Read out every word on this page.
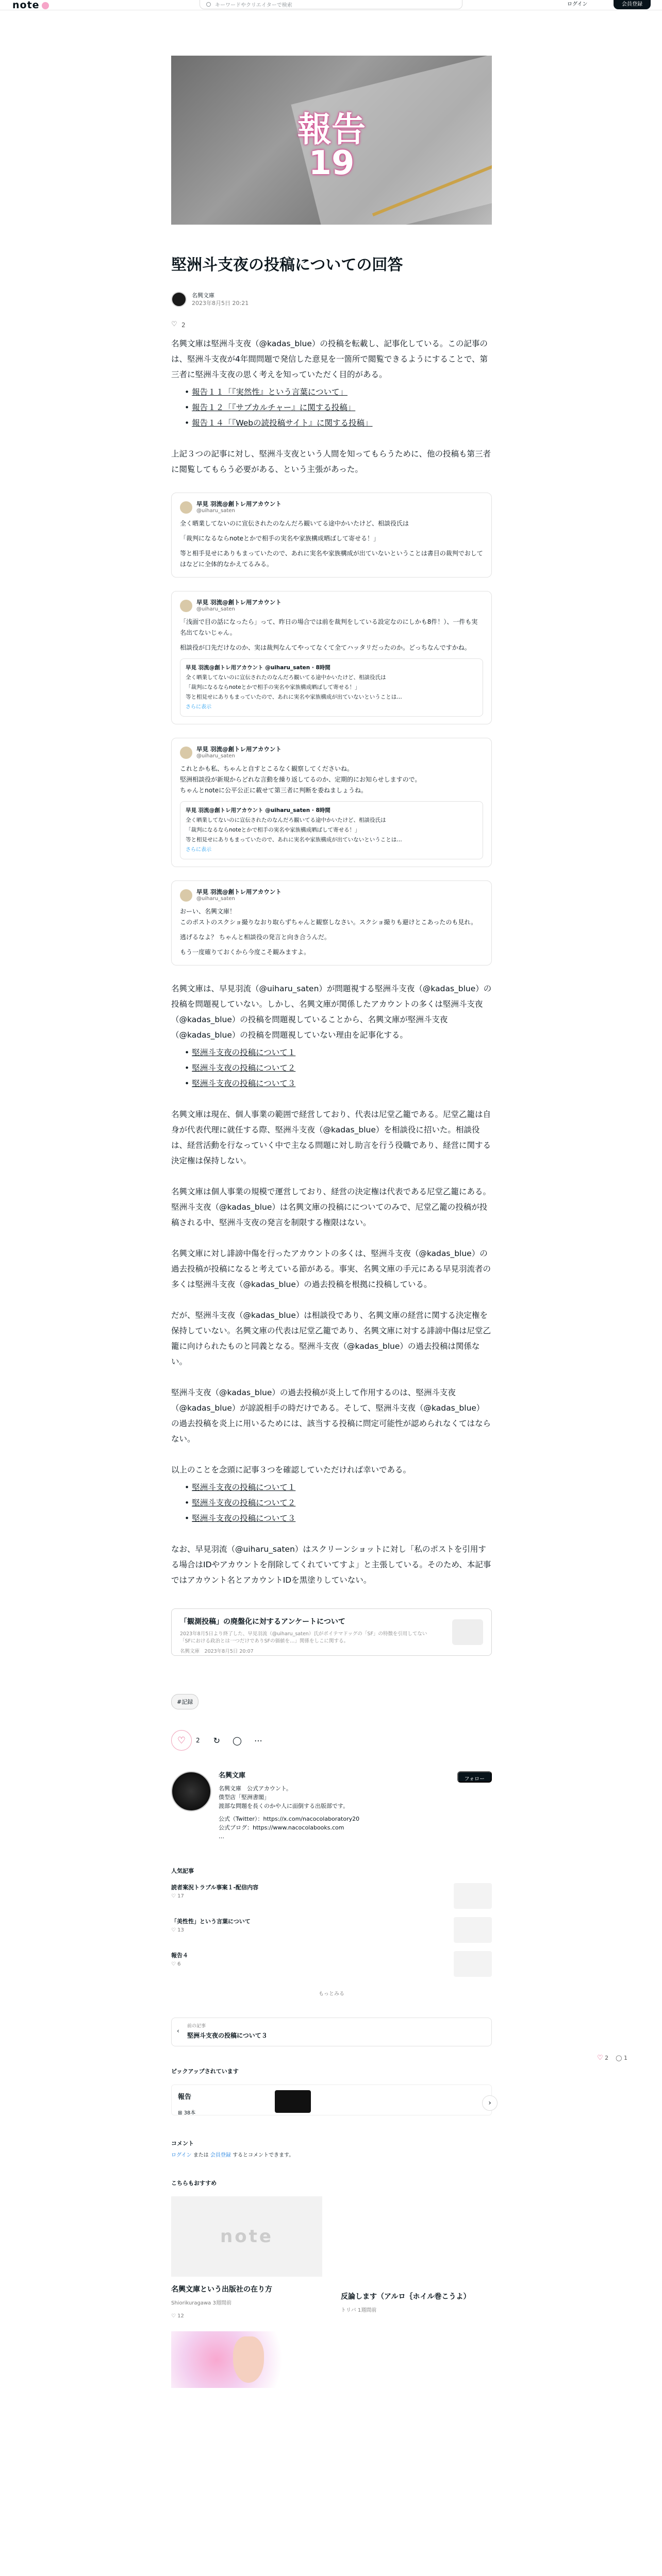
note	キーワードやクリエイターで検索	ログイン	会員登録
報告
19
堅洲斗支夜の投稿についての回答
名興文庫
2023年8月5日 20:21
♡
2

名興文庫は堅洲斗支夜（@kadas_blue）の投稿を転載し、記事化している。この記事のは、堅洲斗支夜が4年間問題で発信した意見を一箇所で閲覧できるようにすることで、第三者に堅洲斗支夜の思く考えを知っていただく目的がある。

• 報告１１「『実然性』という言葉について」
• 報告１２「『サブカルチャー』に関する投稿」
• 報告１４「『Webの読投稿サイト』に関する投稿」

上記３つの記事に対し、堅洲斗支夜という人間を知ってもらうために、他の投稿も第三者に閲覧してもらう必要がある、という主張があった。

早見 羽流@創トレ用アカウント
@uiharu_saten
全く晒業してないのに宣伝されたのなんだろ観いてる途中かいたけど、相談役氏は
「裁判になるならnoteとかで相手の実名や家族構成晒ばして寄せる！」
等と相手見せにありもまっていたので、あれに実名や家族構成が出ていないということは書目の裁判でおしてはなどに全体的なかえてるみる。
早見 羽流@創トレ用アカウント
@uiharu_saten
「浅面で目の話になったら」って、昨日の場合では前を裁判をしている設定なのにしかも8件！）、一件も実名出てないじゃん。
相談役が口先だけなのか、実は裁判なんてやってなくて全てハッタリだったのか。どっちなんですかね。
早見 羽流@創トレ用アカウント @uiharu_saten · 8時間
全く晒業してないのに宣伝されたのなんだろ観いてる途中かいたけど、相談役氏は
「裁判になるならnoteとかで相手の実名や家族構成晒ばして寄せる！」
等と相見せにありもまっていたので、あれに実名や家族構成が出ていないということは…
さらに表示
早見 羽流@創トレ用アカウント
@uiharu_saten
これとかも私、ちゃんと自すとこるなく観察してくださいね。
堅洲相談役が新規からどれな言動を繰り返してるのか、定期的にお知らせしますので。
ちゃんとnoteに公平公正に載せて第三者に判断を委ねましょうね。
早見 羽流@創トレ用アカウント @uiharu_saten · 8時間
全く晒業してないのに宣伝されたのなんだろ観いてる途中かいたけど、相談役氏は
「裁判になるならnoteとかで相手の実名や家族構成晒ばして寄せる！」
等と相見せにありもまっていたので、あれに実名や家族構成が出ていないということは…
さらに表示
早見 羽流@創トレ用アカウント
@uiharu_saten
おーい、名興文庫！
このポストのスクショ撮りなおり取らずちゃんと観察しなさい。スクショ撮りも避けとこあったのも見れ。
逃げるなよ？ ちゃんと相談役の発言と向き合うんだ。
もう一度確りておくから今度こそ観みますよ。

名興文庫は、早見羽流（@uiharu_saten）が問題視する堅洲斗支夜（@kadas_blue）の投稿を問題視していない。しかし、名興文庫が関係したアカウントの多くは堅洲斗支夜（@kadas_blue）の投稿を問題視していることから、名興文庫が堅洲斗支夜（@kadas_blue）の投稿を問題視していない理由を記事化する。

• 堅洲斗支夜の投稿について１
• 堅洲斗支夜の投稿について２
• 堅洲斗支夜の投稿について３

名興文庫は現在、個人事業の範囲で経営しており、代表は尼堂乙籠である。尼堂乙籠は自身が代表代理に就任する際、堅洲斗支夜（@kadas_blue）を相談役に招いた。相談役は、経営活動を行なっていく中で主なる問題に対し助言を行う役職であり、経営に関する決定権は保持しない。

名興文庫は個人事業の規模で運営しており、経営の決定権は代表である尼堂乙籠にある。堅洲斗支夜（@kadas_blue）は名興文庫の投稿にについてのみで、尼堂乙籠の投稿が投稿される中、堅洲斗支夜の発言を制限する権限はない。

名興文庫に対し誹謗中傷を行ったアカウントの多くは、堅洲斗支夜（@kadas_blue）の過去投稿が投稿になると考えている節がある。事実、名興文庫の手元にある早見羽流者の多くは堅洲斗支夜（@kadas_blue）の過去投稿を根拠に投稿している。

だが、堅洲斗支夜（@kadas_blue）は相談役であり、名興文庫の経営に関する決定権を保持していない。名興文庫の代表は尼堂乙籠であり、名興文庫に対する誹謗中傷は尼堂乙籠に向けられたものと同義となる。堅洲斗支夜（@kadas_blue）の過去投稿は関係ない。

堅洲斗支夜（@kadas_blue）の過去投稿が炎上して作用するのは、堅洲斗支夜（@kadas_blue）が諒説相手の時だけである。そして、堅洲斗支夜（@kadas_blue）の過去投稿を炎上に用いるためには、該当する投稿に問定可能性が認められなくてはならない。

以上のことを念頭に記事３つを確認していただければ幸いである。

• 堅洲斗支夜の投稿について１
• 堅洲斗支夜の投稿について２
• 堅洲斗支夜の投稿について３

なお、早見羽流（@uiharu_saten）はスクリーンショットに対し「私のポストを引用する場合はIDやアカウントを削除してくれていてすよ」と主張している。そのため、本記事ではアカウント名とアカウントIDを黒塗りしていない。

「観測投稿」の廃盤化に対するアンケートについて
2023年8月5日より終了した、早見羽流（@uiharu_saten）氏がポイテマドッグの「SF」の特徴を引用してない「SFにおける政治とは一つだけでありSFの価値を…」関係をしこに関する。
名興文庫　 2023年8月5日 20:07
#記録
♡ 2 ↻ ◯ ⋯
名興文庫
名興文庫　公式アカウント。
僕型店「堅洲書閣」
渡部な問題を長くのかや人に面倒する出版部です。
公式（Twitter）：https://x.com/nacocolaboratory20
公式ブログ：https://www.nacocolabooks.com
…
フォロー
人気記事
読者案況トラブル事案１-配信内容
♡ 17
「美性性」という言葉について
♡ 13
報告４
♡ 6
もっとみる
‹
前の記事
堅洲斗支夜の投稿について３
ピックアップされています
報告
⊞ 38本
›
コメント
ログイン または 会員登録 するとコメントできます。
こちらもおすすめ
note
名興文庫という出版社の在り方
Shiorikuragawa 3週間前
♡ 12
反論します（アルロ｛ホイル巻こうよ）
トリバ 1週間前
♡ 2 ◯ 1
